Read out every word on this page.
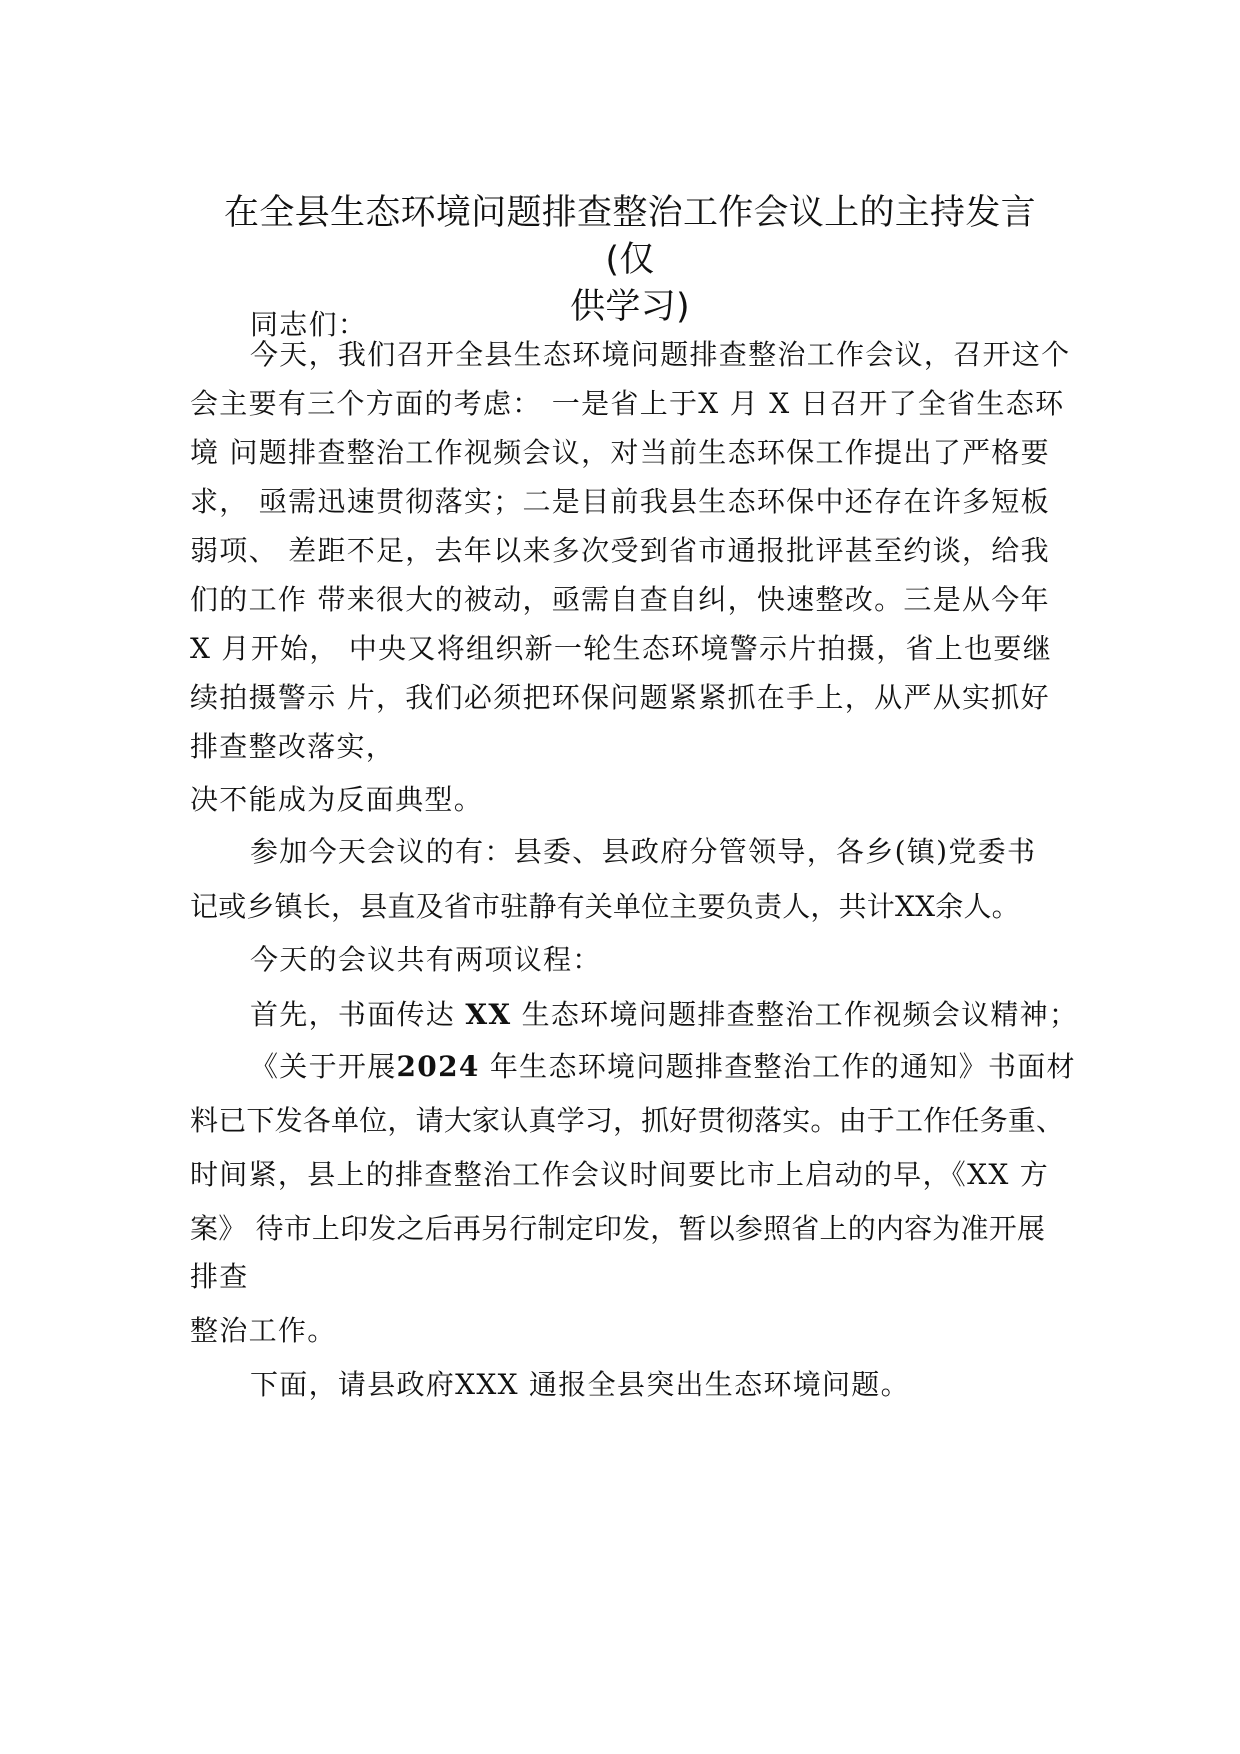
在全县生态环境问题排查整治工作会议上的主持发言(仅
供学习)
同志们：
今天，我们召开全县生态环境问题排查整治工作会议，召开这个
会主要有三个方面的考虑： 一是省上于X 月 X 日召开了全省生态环
境 问题排查整治工作视频会议，对当前生态环保工作提出了严格要
求， 亟需迅速贯彻落实；二是目前我县生态环保中还存在许多短板
弱项、 差距不足，去年以来多次受到省市通报批评甚至约谈，给我
们的工作 带来很大的被动，亟需自查自纠，快速整改。三是从今年
X 月开始， 中央又将组织新一轮生态环境警示片拍摄，省上也要继
续拍摄警示 片，我们必须把环保问题紧紧抓在手上，从严从实抓好
排查整改落实，
决不能成为反面典型。
参加今天会议的有：县委、县政府分管领导，各乡(镇)党委书
记或乡镇长，县直及省市驻静有关单位主要负责人，共计XX余人。
今天的会议共有两项议程：
首先，书面传达 XX 生态环境问题排查整治工作视频会议精神；
《关于开展2024 年生态环境问题排查整治工作的通知》书面材
料已下发各单位，请大家认真学习，抓好贯彻落实。由于工作任务重、
时间紧，县上的排查整治工作会议时间要比市上启动的早，《XX 方
案》 待市上印发之后再另行制定印发，暂以参照省上的内容为准开展
排查
整治工作。
下面，请县政府XXX 通报全县突出生态环境问题。
